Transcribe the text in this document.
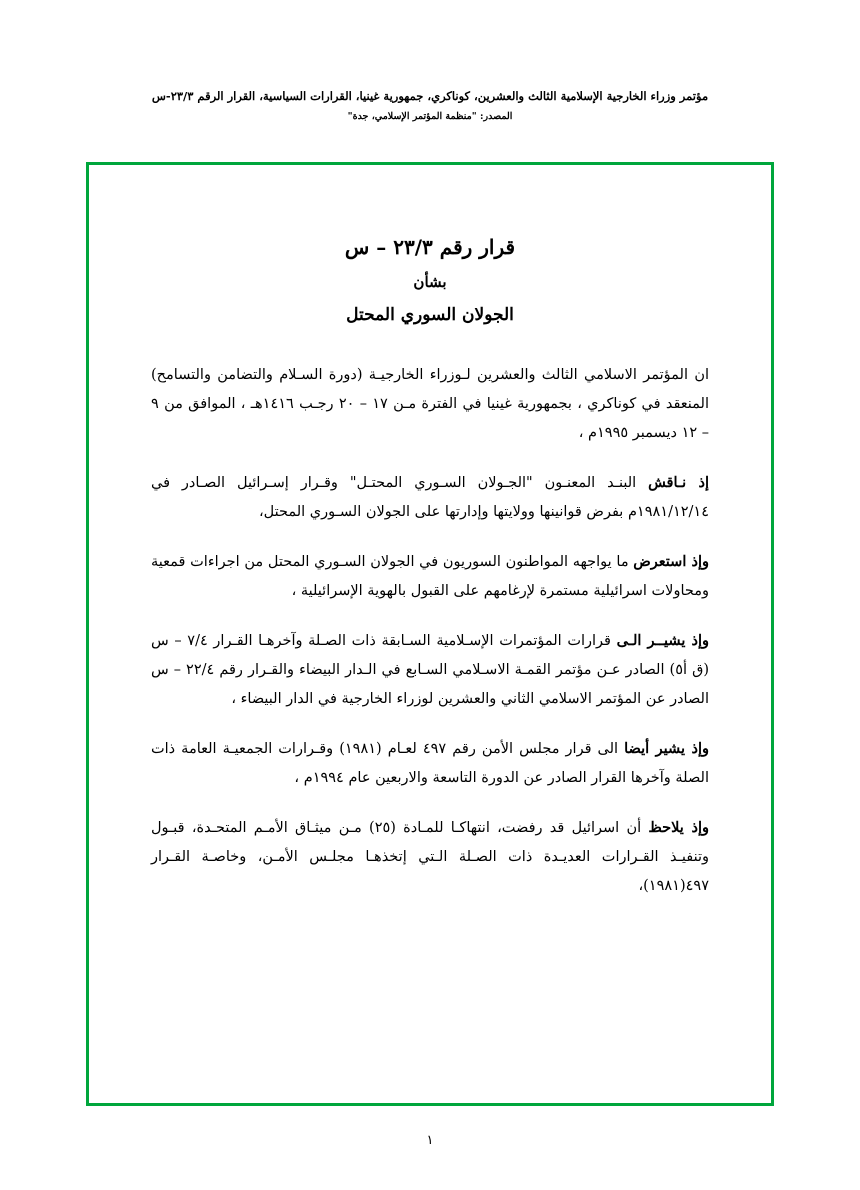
مؤتمر وزراء الخارجية الإسلامية الثالث والعشرين، كوناكري، جمهورية غينيا، القرارات السياسية، القرار الرقم ٢٣/٣-س
المصدر: "منظمة المؤتمر الإسلامي، جدة"
قرار رقم ٢٣/٣ – س
بشأن
الجولان السوري المحتل

ان المؤتمر الاسلامي الثالث والعشرين لـوزراء الخارجيـة (دورة السـلام والتضامن والتسامح) المنعقد في كوناكري ، بجمهورية غينيا في الفترة مـن ١٧ – ٢٠ رجـب ١٤١٦هـ ، الموافق من ٩ – ١٢ ديسمبر ١٩٩٥م ،

إذ نـاقش البنـد المعنـون "الجـولان السـوري المحتـل" وقـرار إسـرائيل الصـادر في ١٩٨١/١٢/١٤م بفرض قوانينها وولايتها وإدارتها على الجولان السـوري المحتل،

وإذ استعرض ما يواجهه المواطنون السوريون في الجولان السـوري المحتل من اجراءات قمعية ومحاولات اسرائيلية مستمرة لإرغامهم على القبول بالهوية الإسرائيلية ،

وإذ يشيــر الـى قرارات المؤتمرات الإسـلامية السـابقة ذات الصـلة وآخرهـا القـرار ٧/٤ – س (ق أ٥) الصادر عـن مؤتمر القمـة الاسـلامي السـابع في الـدار البيضاء والقـرار رقم ٢٢/٤ – س الصادر عن المؤتمر الاسلامي الثاني والعشرين لوزراء الخارجية في الدار البيضاء ،

وإذ يشير أيضا الى قرار مجلس الأمن رقم ٤٩٧ لعـام (١٩٨١) وقـرارات الجمعيـة العامة ذات الصلة وآخرها القرار الصادر عن الدورة التاسعة والاربعين عام ١٩٩٤م ،

وإذ يلاحظ أن اسرائيل قد رفضت، انتهاكـا للمـادة (٢٥) مـن ميثـاق الأمـم المتحـدة، قبـول وتنفيـذ القـرارات العديـدة ذات الصـلة الـتي إتخذهـا مجلـس الأمـن، وخاصـة القـرار ٤٩٧(١٩٨١)،

١
